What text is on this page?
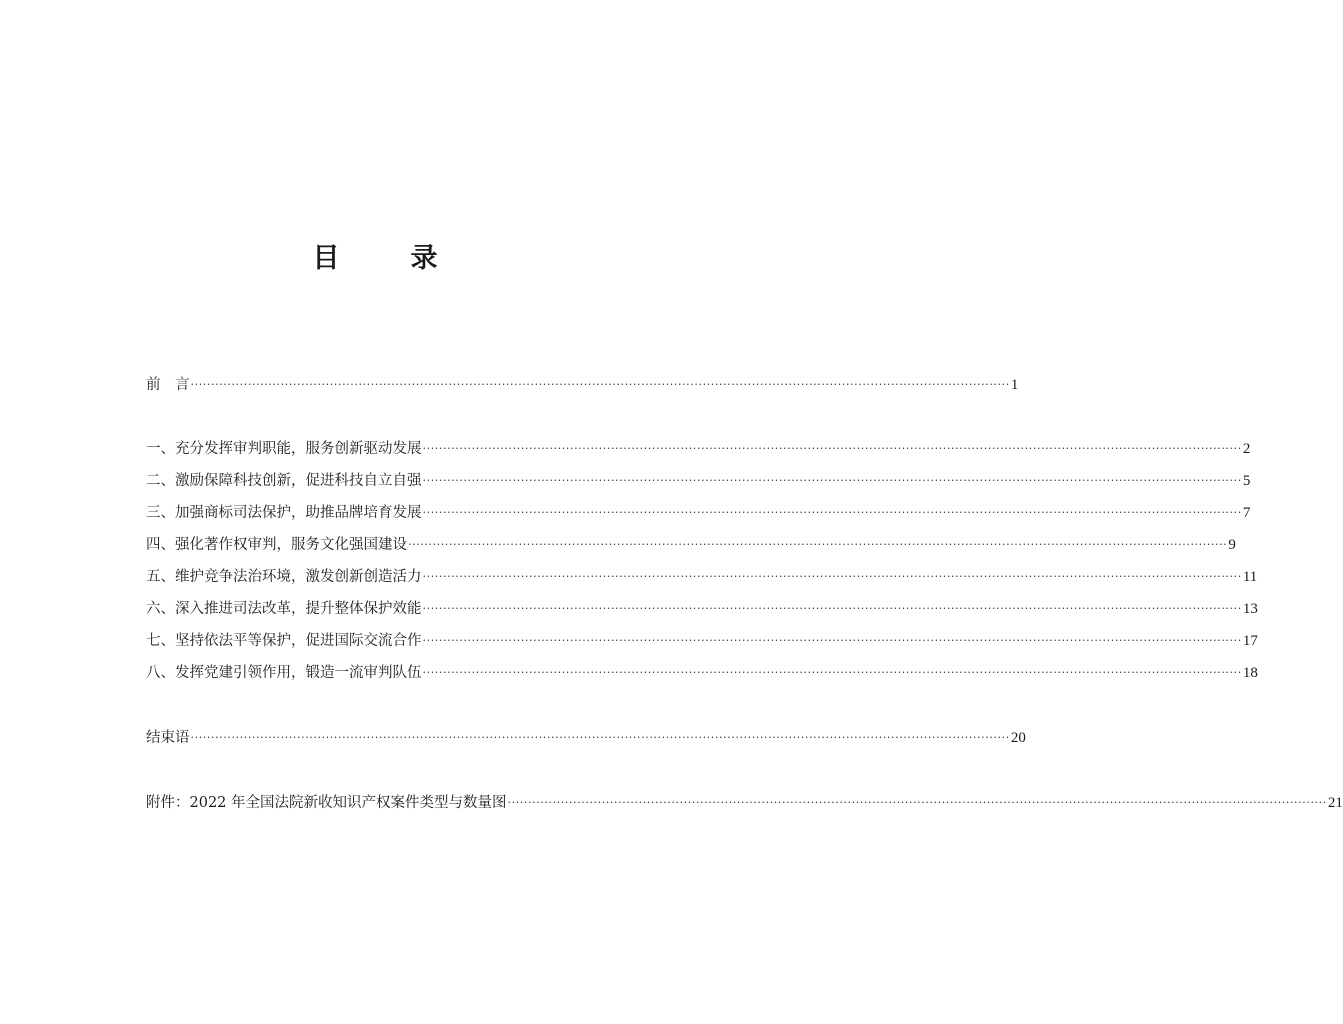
目　录
前　言 ········································································································································································································ 1
一、充分发挥审判职能，服务创新驱动发展 ········································································································································································································ 2
二、激励保障科技创新，促进科技自立自强 ········································································································································································································ 5
三、加强商标司法保护，助推品牌培育发展 ········································································································································································································ 7
四、强化著作权审判，服务文化强国建设 ········································································································································································································ 9
五、维护竞争法治环境，激发创新创造活力 ········································································································································································································ 11
六、深入推进司法改革，提升整体保护效能 ········································································································································································································ 13
七、坚持依法平等保护，促进国际交流合作 ········································································································································································································ 17
八、发挥党建引领作用，锻造一流审判队伍 ········································································································································································································ 18
结束语 ········································································································································································································ 20
附件：2022 年全国法院新收知识产权案件类型与数量图 ········································································································································································································ 21
